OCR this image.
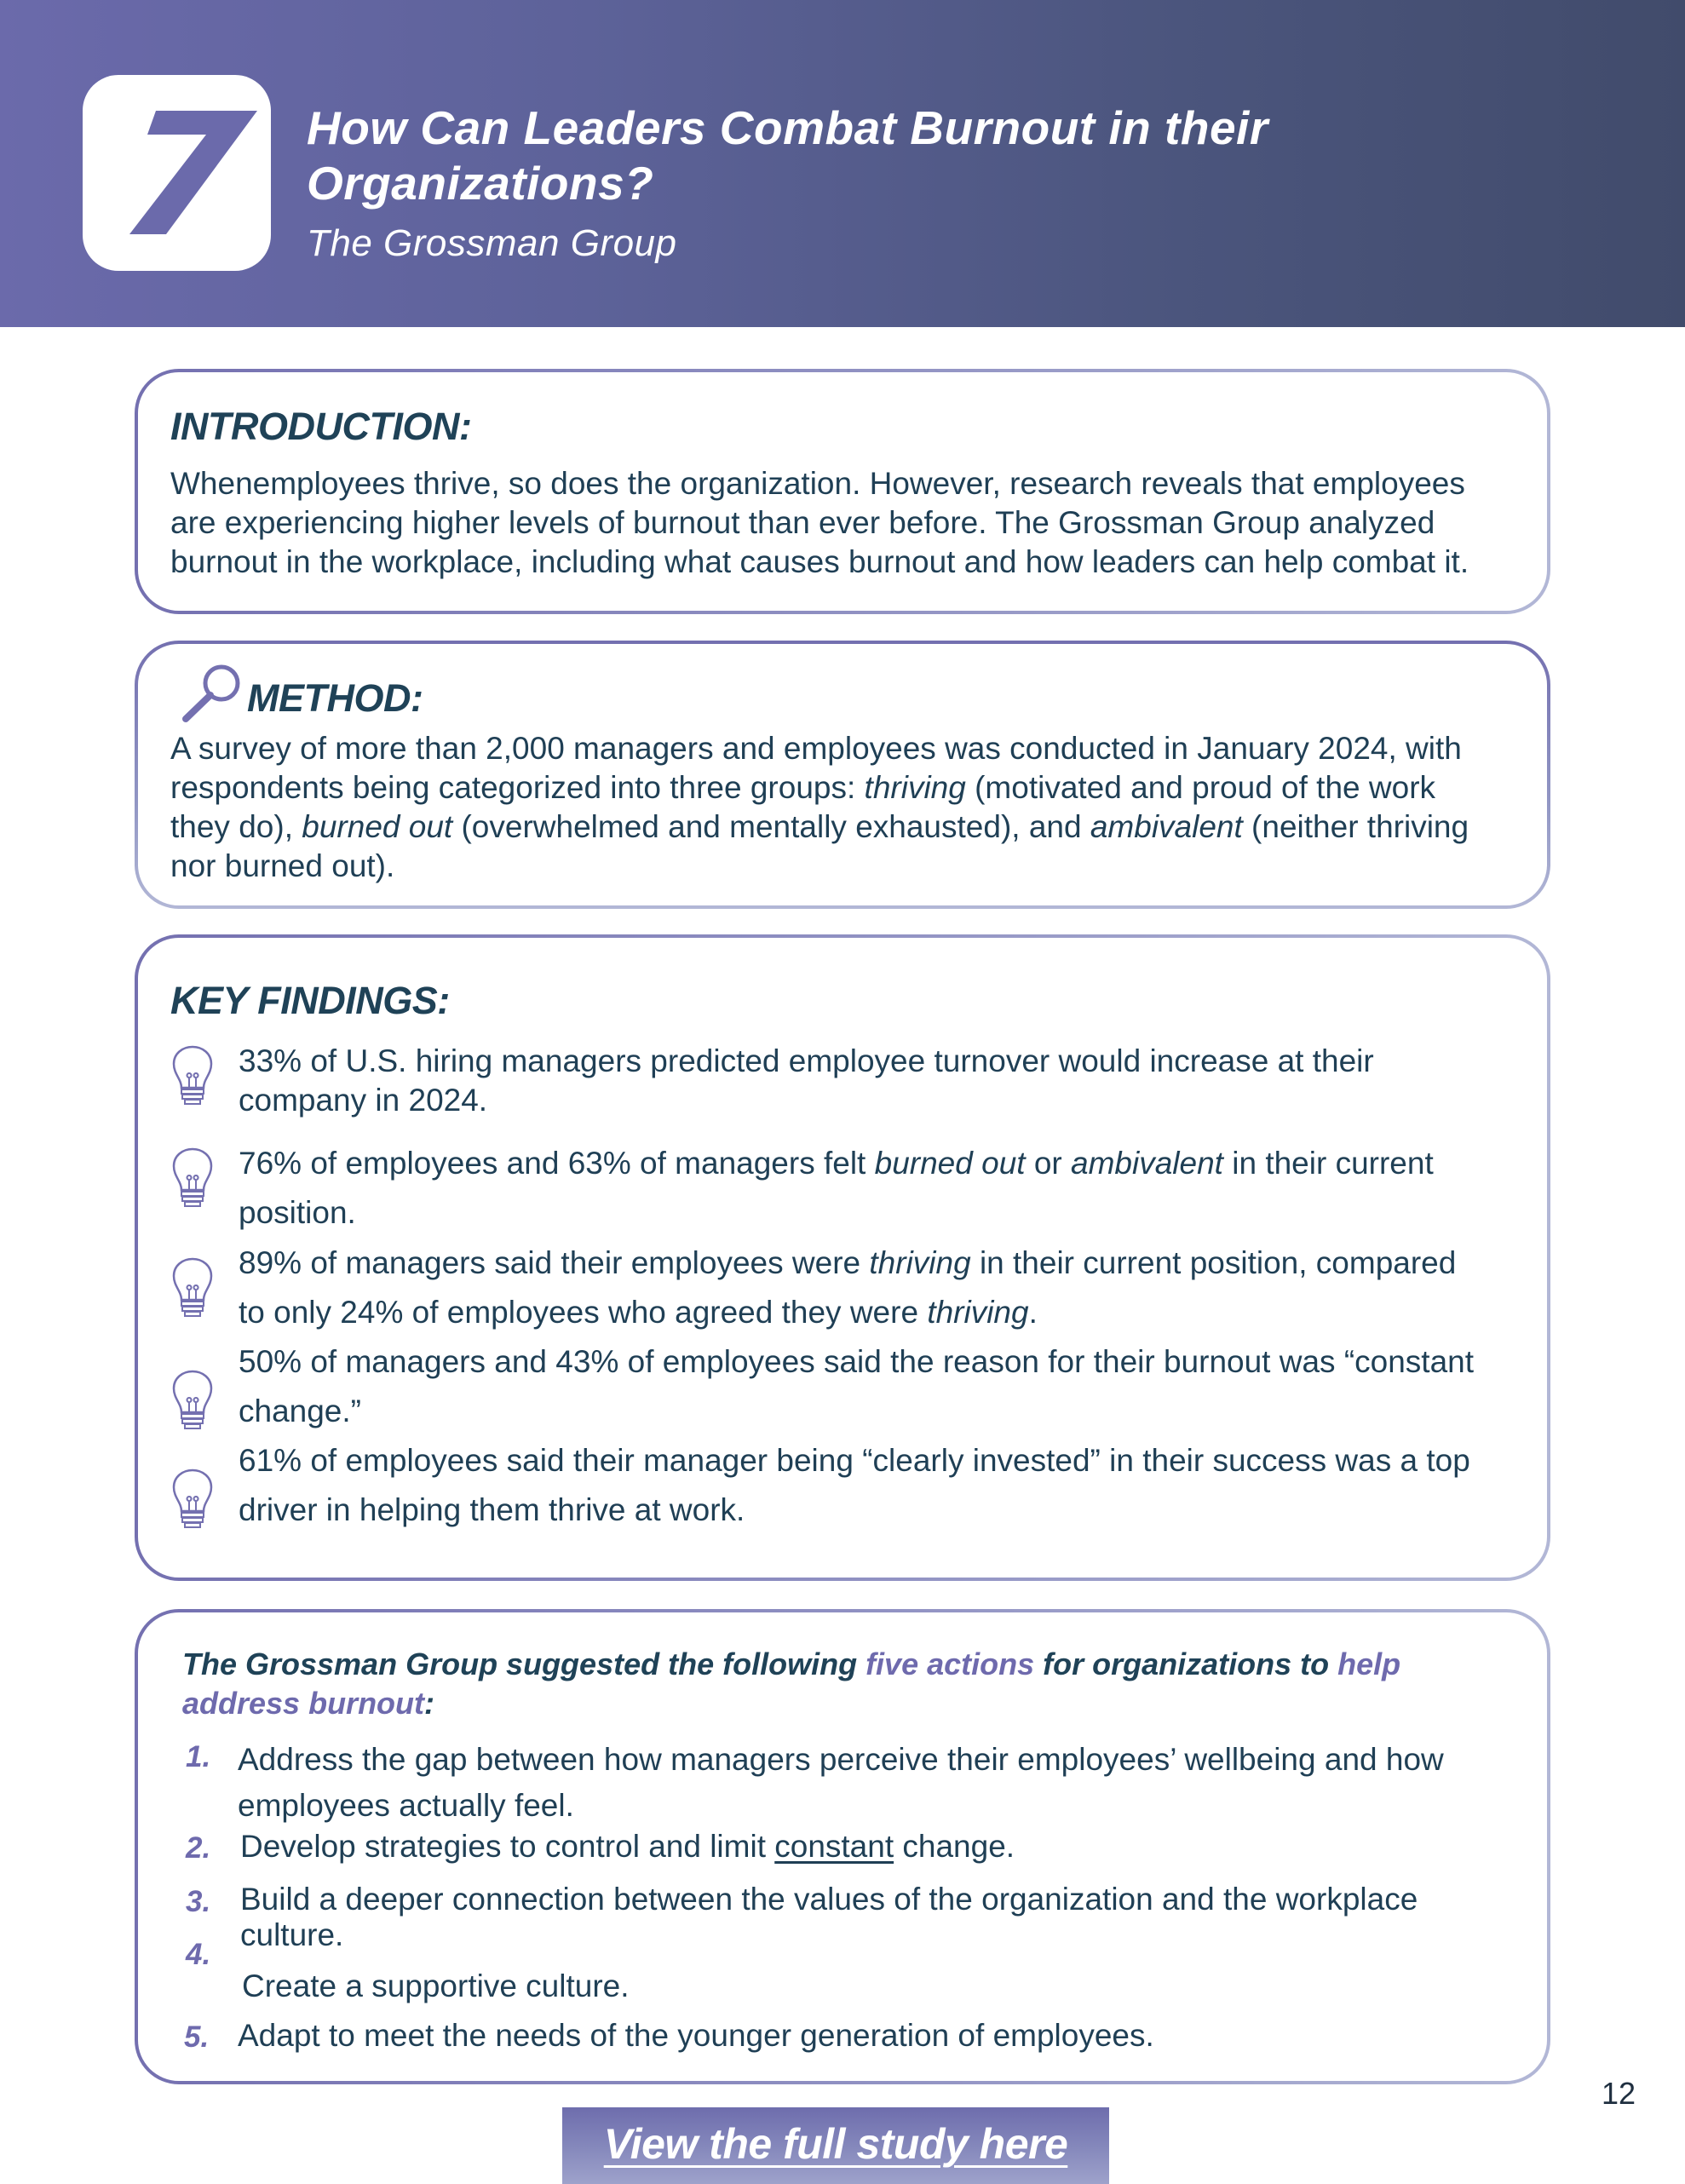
How Can Leaders Combat Burnout in their
Organizations?
The Grossman Group
INTRODUCTION:
Whenemployees thrive, so does the organization. However, research reveals that employees
are experiencing higher levels of burnout than ever before. The Grossman Group analyzed
burnout in the workplace, including what causes burnout and how leaders can help combat it.
METHOD:
A survey of more than 2,000 managers and employees was conducted in January 2024, with
respondents being categorized into three groups: thriving (motivated and proud of the work
they do), burned out (overwhelmed and mentally exhausted), and ambivalent (neither thriving
nor burned out).
KEY FINDINGS:
33% of U.S. hiring managers predicted employee turnover would increase at their
company in 2024.
76% of employees and 63% of managers felt burned out or ambivalent in their current
position.
89% of managers said their employees were thriving in their current position, compared
to only 24% of employees who agreed they were thriving.
50% of managers and 43% of employees said the reason for their burnout was “constant
change.”
61% of employees said their manager being “clearly invested” in their success was a top
driver in helping them thrive at work.
The Grossman Group suggested the following five actions for organizations to help
address burnout:
1. Address the gap between how managers perceive their employees’ wellbeing and how
employees actually feel.
2. Develop strategies to control and limit constant change.
3. Build a deeper connection between the values of the organization and the workplace
culture.
4.
Create a supportive culture.
5. Adapt to meet the needs of the younger generation of employees.
View the full study here
12
